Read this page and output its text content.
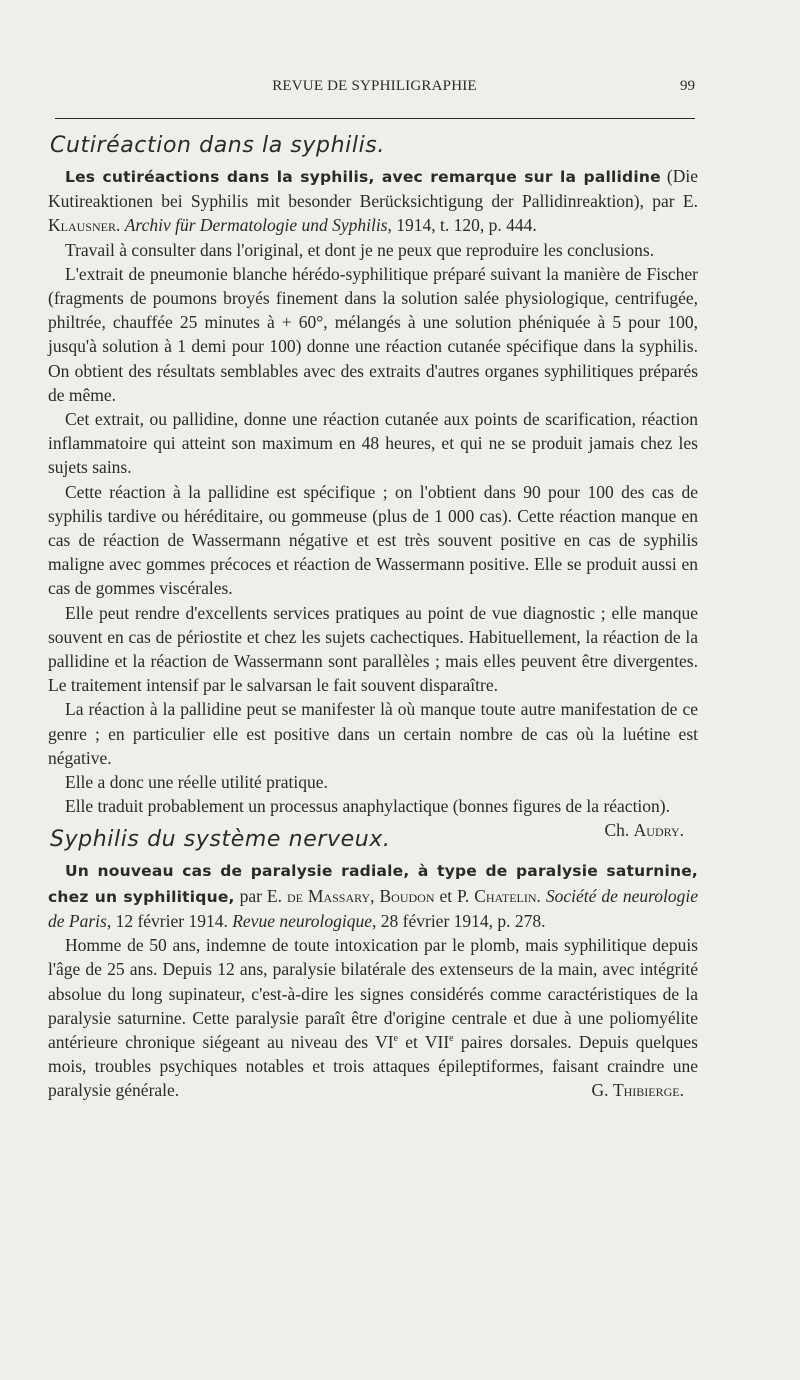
REVUE DE SYPHILIGRAPHIE	99
Cutiréaction dans la syphilis.

Les cutiréactions dans la syphilis, avec remarque sur la pallidine (Die Kutireaktionen bei Syphilis mit besonder Berücksichtigung der Pallidinreaktion), par E. Klausner. Archiv für Dermatologie und Syphilis, 1914, t. 120, p. 444.

Travail à consulter dans l'original, et dont je ne peux que reproduire les conclusions.

L'extrait de pneumonie blanche hérédo-syphilitique préparé suivant la manière de Fischer (fragments de poumons broyés finement dans la solution salée physiologique, centrifugée, philtrée, chauffée 25 minutes à + 60°, mélangés à une solution phéniquée à 5 pour 100, jusqu'à solution à 1 demi pour 100) donne une réaction cutanée spécifique dans la syphilis. On obtient des résultats semblables avec des extraits d'autres organes syphilitiques préparés de même.

Cet extrait, ou pallidine, donne une réaction cutanée aux points de scarification, réaction inflammatoire qui atteint son maximum en 48 heures, et qui ne se produit jamais chez les sujets sains.

Cette réaction à la pallidine est spécifique ; on l'obtient dans 90 pour 100 des cas de syphilis tardive ou héréditaire, ou gommeuse (plus de 1 000 cas). Cette réaction manque en cas de réaction de Wassermann négative et est très souvent positive en cas de syphilis maligne avec gommes précoces et réaction de Wassermann positive. Elle se produit aussi en cas de gommes viscérales.

Elle peut rendre d'excellents services pratiques au point de vue diagnostic ; elle manque souvent en cas de périostite et chez les sujets cachectiques. Habituellement, la réaction de la pallidine et la réaction de Wassermann sont parallèles ; mais elles peuvent être divergentes. Le traitement intensif par le salvarsan le fait souvent disparaître.

La réaction à la pallidine peut se manifester là où manque toute autre manifestation de ce genre ; en particulier elle est positive dans un certain nombre de cas où la luétine est négative.

Elle a donc une réelle utilité pratique.

Elle traduit probablement un processus anaphylactique (bonnes figures de la réaction).
Ch. Audry.

Syphilis du système nerveux.

Un nouveau cas de paralysie radiale, à type de paralysie saturnine, chez un syphilitique, par E. de Massary, Boudon et P. Chatelin. Société de neurologie de Paris, 12 février 1914. Revue neurologique, 28 février 1914, p. 278.

Homme de 50 ans, indemne de toute intoxication par le plomb, mais syphilitique depuis l'âge de 25 ans. Depuis 12 ans, paralysie bilatérale des extenseurs de la main, avec intégrité absolue du long supinateur, c'est-à-dire les signes considérés comme caractéristiques de la paralysie saturnine. Cette paralysie paraît être d'origine centrale et due à une poliomyélite antérieure chronique siégeant au niveau des VIe et VIIe paires dorsales. Depuis quelques mois, troubles psychiques notables et trois attaques épileptiformes, faisant craindre une paralysie générale.	G. Thibierge.
